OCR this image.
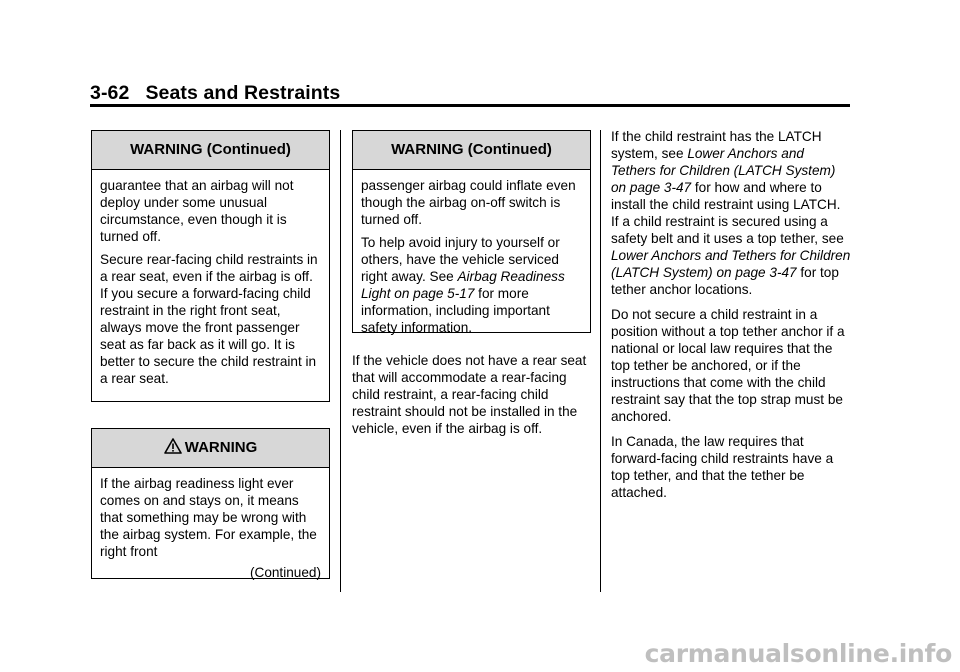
3-62 Seats and Restraints
WARNING (Continued)

guarantee that an airbag will not deploy under some unusual circumstance, even though it is turned off.

Secure rear-facing child restraints in a rear seat, even if the airbag is off. If you secure a forward-facing child restraint in the right front seat, always move the front passenger seat as far back as it will go. It is better to secure the child restraint in a rear seat.

WARNING

If the airbag readiness light ever comes on and stays on, it means that something may be wrong with the airbag system. For example, the right front

(Continued)

WARNING (Continued)

passenger airbag could inflate even though the airbag on-off switch is turned off.

To help avoid injury to yourself or others, have the vehicle serviced right away. See Airbag Readiness Light on page 5-17 for more information, including important safety information.

If the vehicle does not have a rear seat that will accommodate a rear-facing child restraint, a rear-facing child restraint should not be installed in the vehicle, even if the airbag is off.

If the child restraint has the LATCH system, see Lower Anchors and Tethers for Children (LATCH System) on page 3-47 for how and where to install the child restraint using LATCH. If a child restraint is secured using a safety belt and it uses a top tether, see Lower Anchors and Tethers for Children (LATCH System) on page 3-47 for top tether anchor locations.

Do not secure a child restraint in a position without a top tether anchor if a national or local law requires that the top tether be anchored, or if the instructions that come with the child restraint say that the top strap must be anchored.

In Canada, the law requires that forward-facing child restraints have a top tether, and that the tether be attached.

carmanualsonline.info
